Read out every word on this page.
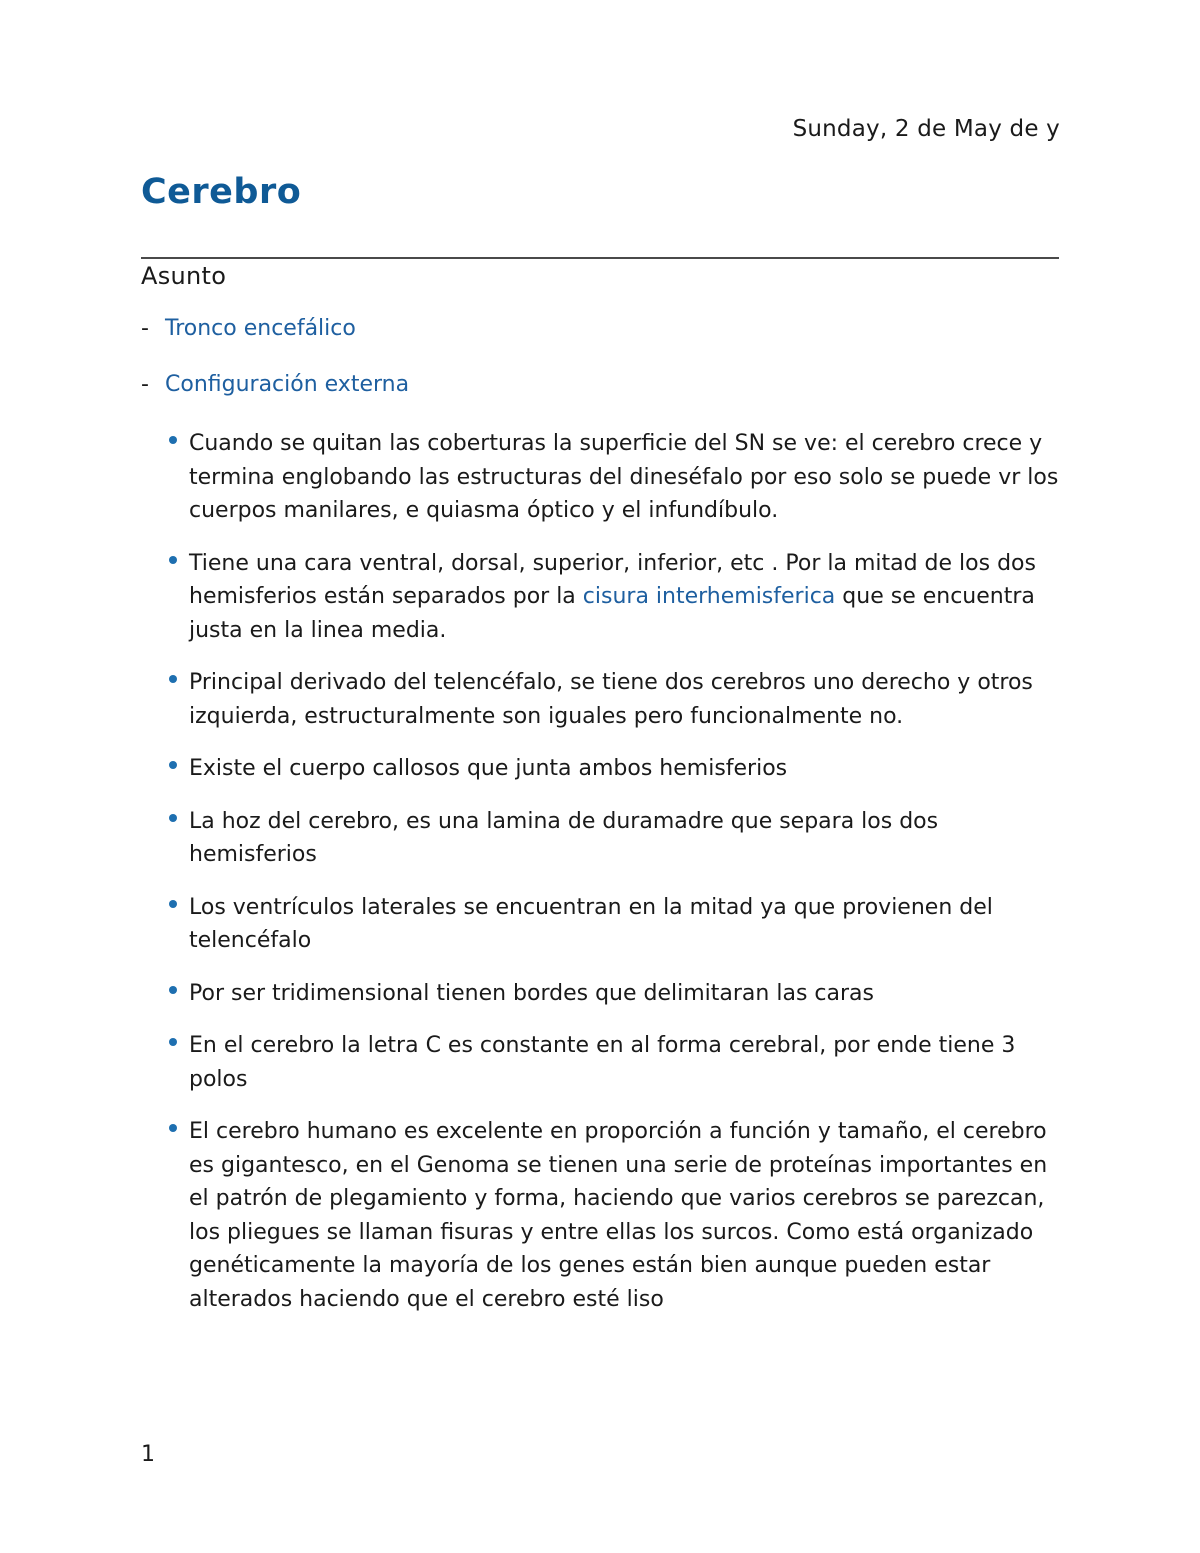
Sunday, 2 de May de y
Cerebro
Asunto
- Tronco encefálico
- Configuración externa
Cuando se quitan las coberturas la superficie del SN se ve: el cerebro crece y termina englobando las estructuras del dineséfalo por eso solo se puede vr los cuerpos manilares, e quiasma óptico y el infundíbulo.
Tiene una cara ventral, dorsal, superior, inferior, etc . Por la mitad de los dos hemisferios están separados por la cisura interhemisferica que se encuentra justa en la linea media.
Principal derivado del telencéfalo, se tiene dos cerebros uno derecho y otros izquierda, estructuralmente son iguales pero funcionalmente no.
Existe el cuerpo callosos que junta ambos hemisferios
La hoz del cerebro, es una lamina de duramadre que separa los dos hemisferios
Los ventrículos laterales se encuentran en la mitad ya que provienen del telencéfalo
Por ser tridimensional tienen bordes que delimitaran las caras
En el cerebro la letra C es constante en al forma cerebral, por ende tiene 3 polos
El cerebro humano es excelente en proporción a función y tamaño, el cerebro es gigantesco, en el Genoma se tienen una serie de proteínas importantes en el patrón de plegamiento y forma, haciendo que varios cerebros se parezcan, los pliegues se llaman fisuras y entre ellas los surcos. Como está organizado genéticamente la mayoría de los genes están bien aunque pueden estar alterados haciendo que el cerebro esté liso
1
